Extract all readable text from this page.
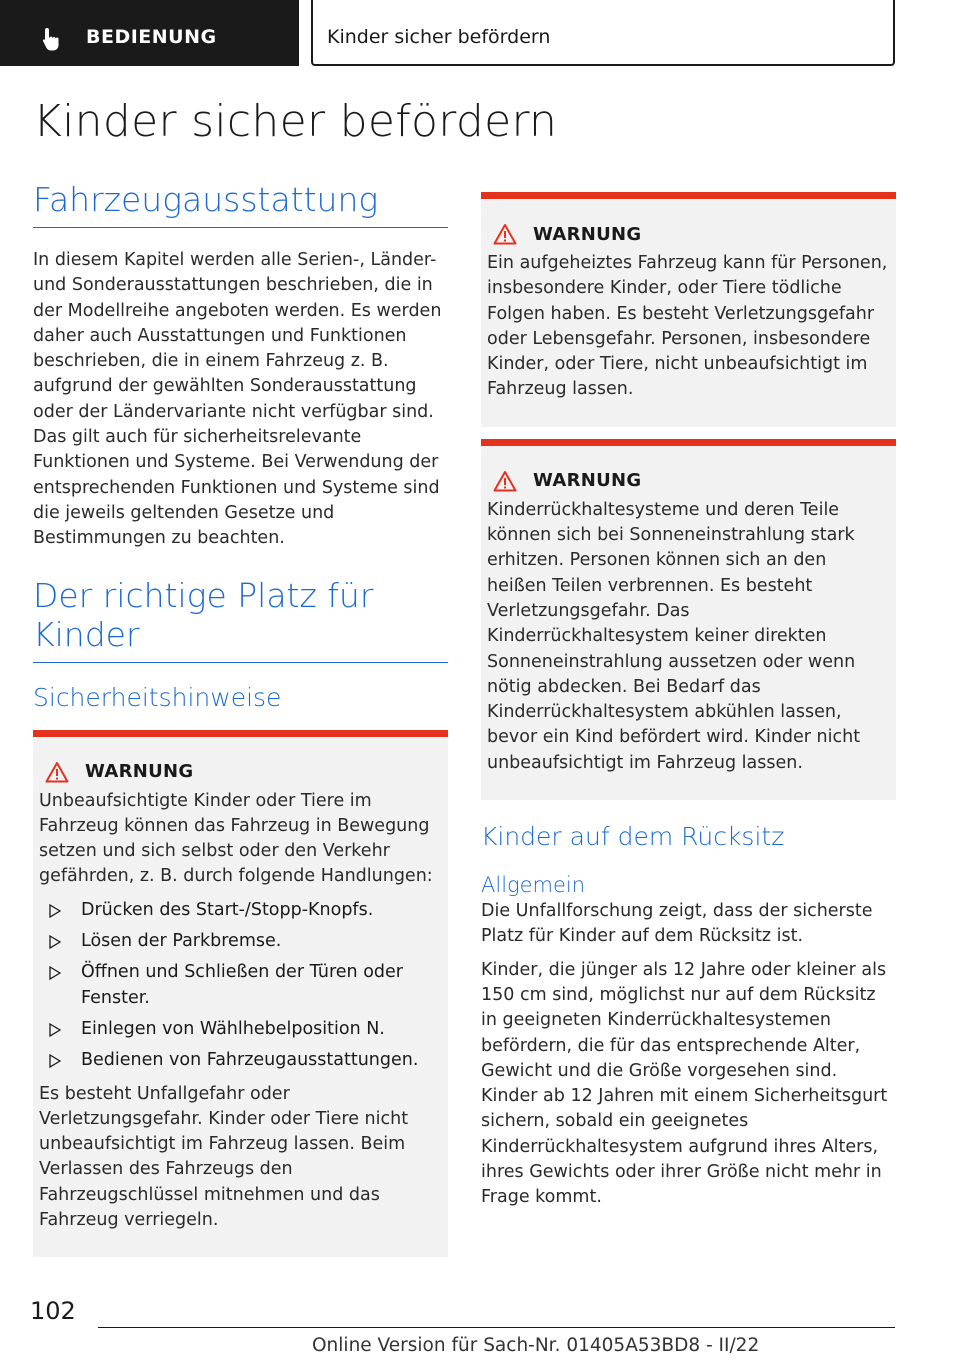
BEDIENUNG	Kinder sicher befördern
Kinder sicher befördern
Fahrzeugausstattung

In diesem Kapitel werden alle Serien-, Länder- und Sonderausstattungen beschrieben, die in der Modellreihe angeboten werden. Es werden daher auch Ausstattungen und Funktionen beschrieben, die in einem Fahrzeug z. B. aufgrund der gewählten Sonderausstattung oder der Ländervariante nicht verfügbar sind. Das gilt auch für sicherheitsrelevante Funktionen und Systeme. Bei Verwendung der entsprechenden Funktionen und Systeme sind die jeweils geltenden Gesetze und Bestimmungen zu beachten.

Der richtige Platz für Kinder
Sicherheitshinweise
WARNUNG

Unbeaufsichtigte Kinder oder Tiere im Fahrzeug können das Fahrzeug in Bewegung setzen und sich selbst oder den Verkehr gefährden, z. B. durch folgende Handlungen:

Drücken des Start-/Stopp-Knopfs.
Lösen der Parkbremse.
Öffnen und Schließen der Türen oder Fenster.
Einlegen von Wählhebelposition N.
Bedienen von Fahrzeugausstattungen.

Es besteht Unfallgefahr oder Verletzungsgefahr. Kinder oder Tiere nicht unbeaufsichtigt im Fahrzeug lassen. Beim Verlassen des Fahrzeugs den Fahrzeugschlüssel mitnehmen und das Fahrzeug verriegeln.

WARNUNG

Ein aufgeheiztes Fahrzeug kann für Personen, insbesondere Kinder, oder Tiere tödliche Folgen haben. Es besteht Verletzungsgefahr oder Lebensgefahr. Personen, insbesondere Kinder, oder Tiere, nicht unbeaufsichtigt im Fahrzeug lassen.

WARNUNG

Kinderrückhaltesysteme und deren Teile können sich bei Sonneneinstrahlung stark erhitzen. Personen können sich an den heißen Teilen verbrennen. Es besteht Verletzungsgefahr. Das Kinderrückhaltesystem keiner direkten Sonneneinstrahlung aussetzen oder wenn nötig abdecken. Bei Bedarf das Kinderrückhaltesystem abkühlen lassen, bevor ein Kind befördert wird. Kinder nicht unbeaufsichtigt im Fahrzeug lassen.

Kinder auf dem Rücksitz
Allgemein

Die Unfallforschung zeigt, dass der sicherste Platz für Kinder auf dem Rücksitz ist.

Kinder, die jünger als 12 Jahre oder kleiner als 150 cm sind, möglichst nur auf dem Rücksitz in geeigneten Kinderrückhaltesystemen befördern, die für das entsprechende Alter, Gewicht und die Größe vorgesehen sind. Kinder ab 12 Jahren mit einem Sicherheitsgurt sichern, sobald ein geeignetes Kinderrückhaltesystem aufgrund ihres Alters, ihres Gewichts oder ihrer Größe nicht mehr in Frage kommt.

102
Online Version für Sach-Nr. 01405A53BD8 - II/22
